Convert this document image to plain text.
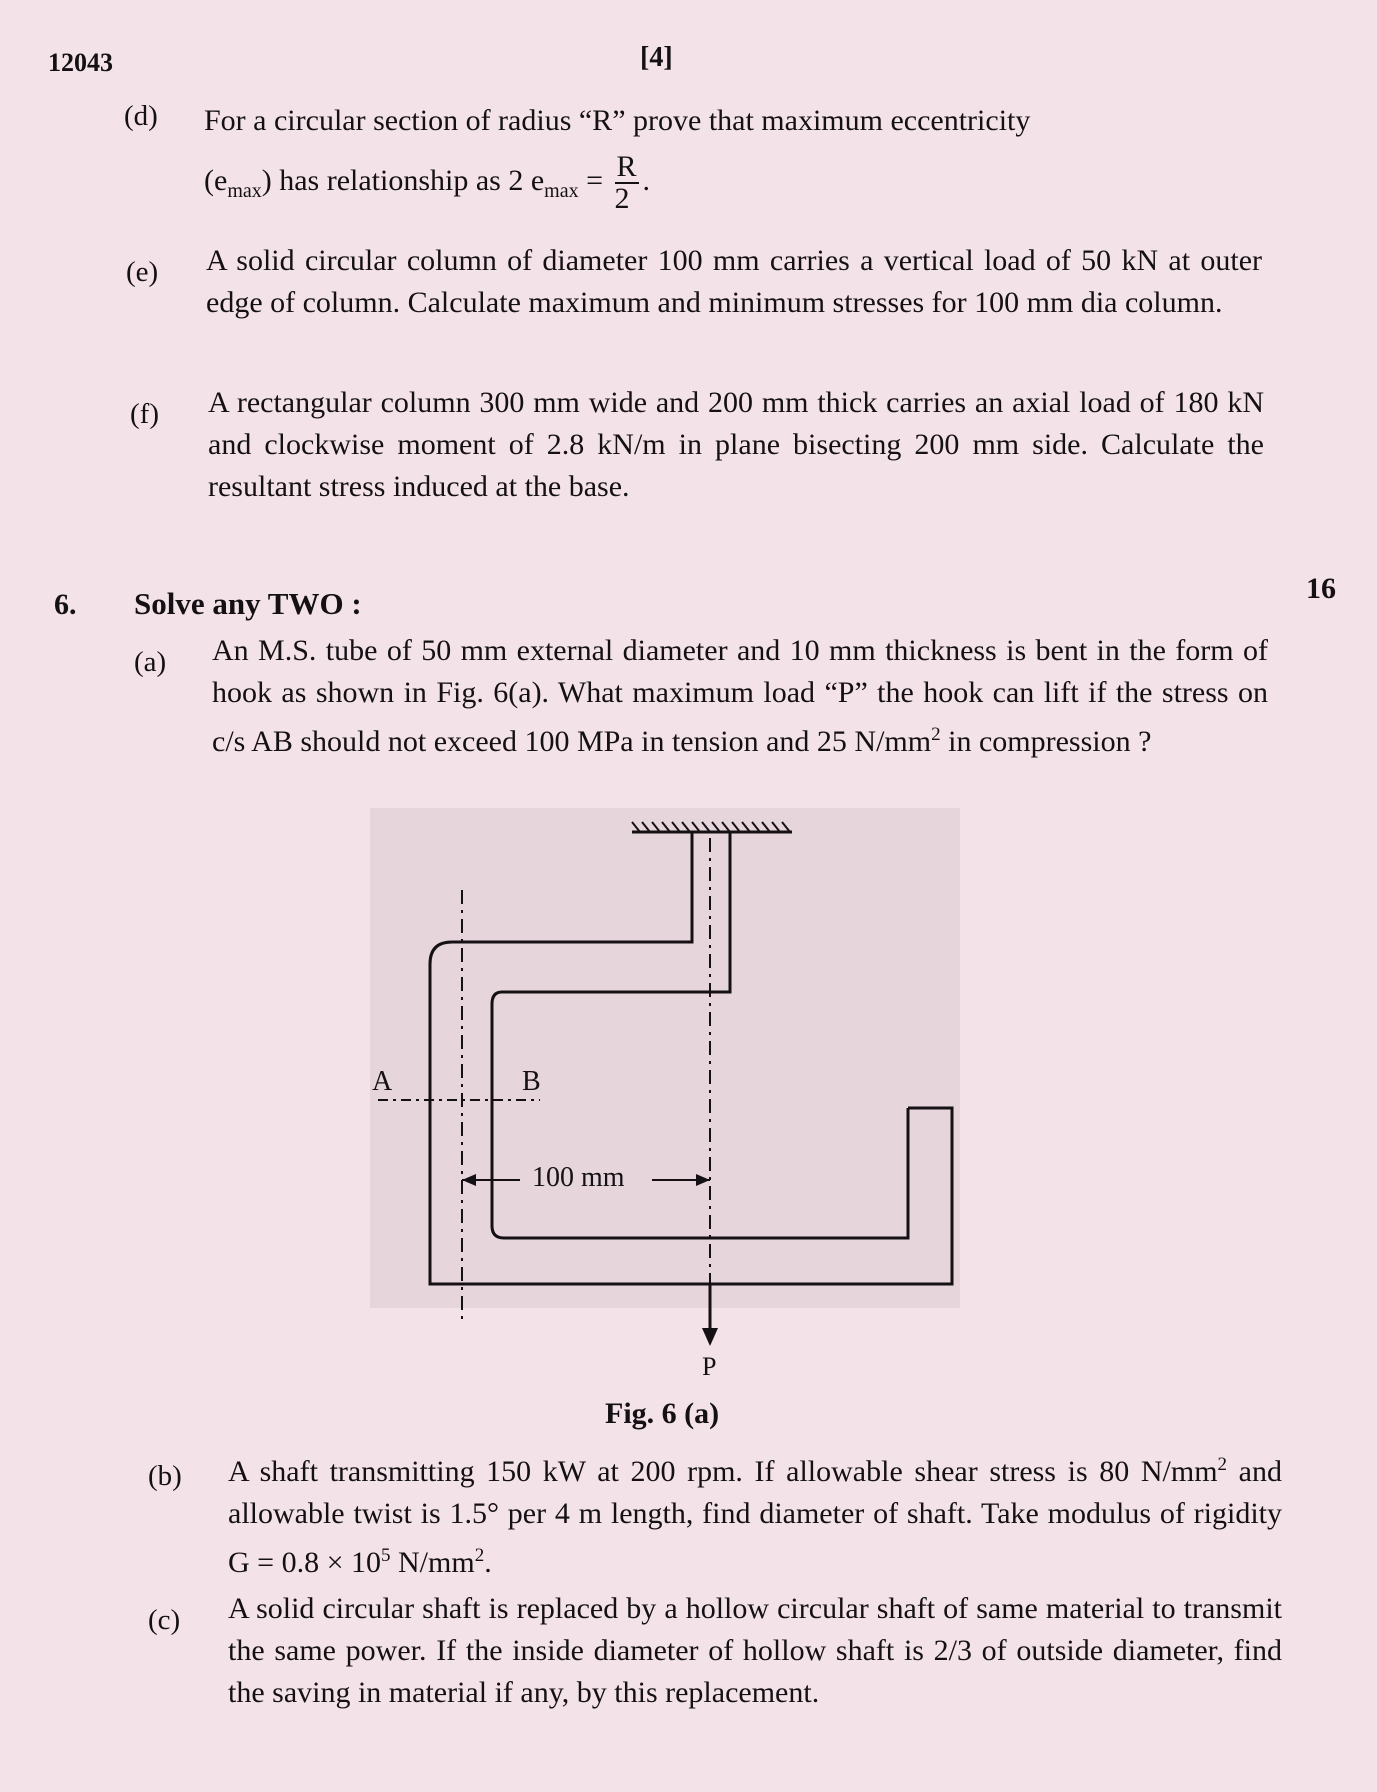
12043	[4]
(d) For a circular section of radius “R” prove that maximum eccentricity
$(e_{max})$ has relationship as 2 $e_{max} = \frac{R}{2}$ .
(e) A solid circular column of diameter 100 mm carries a vertical load of 50 kN at outer edge of column. Calculate maximum and minimum stresses for 100 mm dia column.
(f) A rectangular column 300 mm wide and 200 mm thick carries an axial load of 180 kN and clockwise moment of 2.8 kN/m in plane bisecting 200 mm side. Calculate the resultant stress induced at the base.
6. Solve any TWO :	16
(a) An M.S. tube of 50 mm external diameter and 10 mm thickness is bent in the form of hook as shown in Fig. 6(a). What maximum load “P” the hook can lift if the stress on c/s AB should not exceed 100 MPa in tension and 25 $N/mm^2$ in compression ?
A	B
100 mm
P
Fig. 6 (a)
(b) A shaft transmitting 150 kW at 200 rpm. If allowable shear stress is 80 $N/mm^2$ and allowable twist is 1.5° per 4 m length, find diameter of shaft. Take modulus of rigidity $G = 0.8 \times 10^5$ $N/mm^2$.
(c) A solid circular shaft is replaced by a hollow circular shaft of same material to transmit the same power. If the inside diameter of hollow shaft is 2/3 of outside diameter, find the saving in material if any, by this replacement.
